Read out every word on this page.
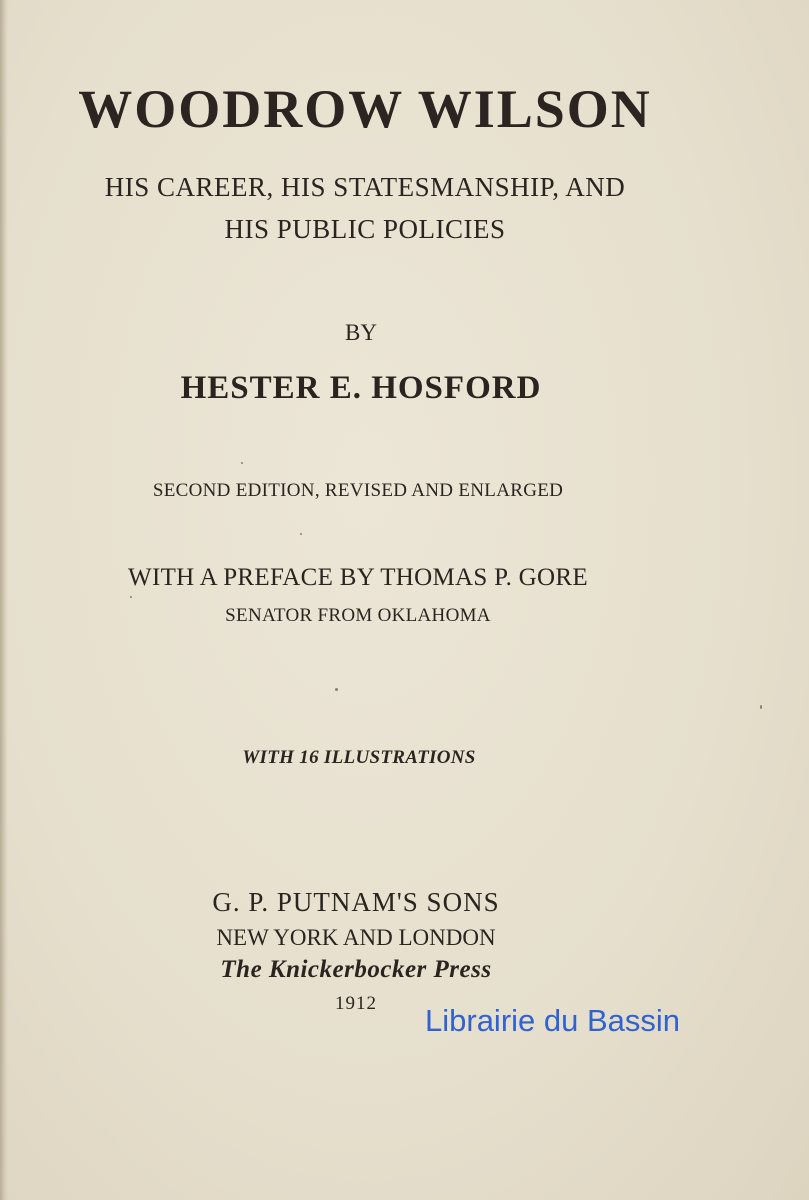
WOODROW WILSON
HIS CAREER, HIS STATESMANSHIP, AND
HIS PUBLIC POLICIES
BY
HESTER E. HOSFORD
SECOND EDITION, REVISED AND ENLARGED
WITH A PREFACE BY THOMAS P. GORE
SENATOR FROM OKLAHOMA
WITH 16 ILLUSTRATIONS
G. P. PUTNAM'S SONS
NEW YORK AND LONDON
The Knickerbocker Press
1912	Librairie du Bassin
